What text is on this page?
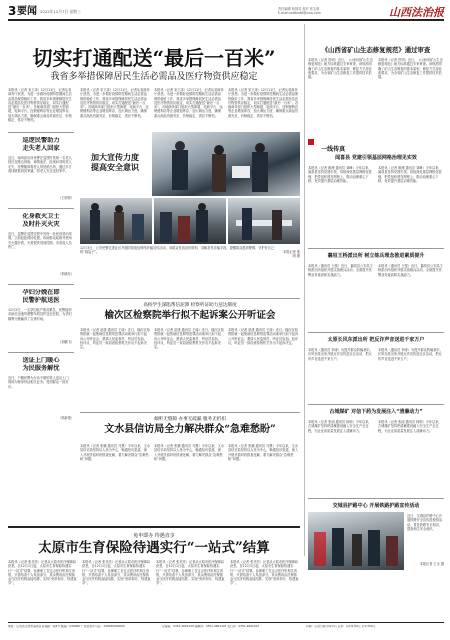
3 要闻 2022年12月7日 星期三	责任编辑 杨国英 校对 张宝莉
E-mail:sxfzbsd8@sina.com	山西法治报
切实打通配送“最后一百米”
我省多举措保障居民生活必需品及医疗物资供应稳定
本报讯（记者 宋王泽）12月11日，记者从省商务厅获悉，为进一步做好疫情防控期间生活必需品保供稳价工作，我省多举措保障居民生活必需品及医疗物资供应稳定，切实打通配送“最后一百米”。各地商务部门组织大型商超、电商平台、连锁便利店等企业增加库存，加大调运力度，确保重点商品货源充足、价格稳定、供应不断档。
本报讯（记者 宋王泽）12月11日，记者从省商务厅获悉，为进一步做好疫情防控期间生活必需品保供稳价工作，我省多举措保障居民生活必需品及医疗物资供应稳定，切实打通配送“最后一百米”。各地商务部门组织大型商超、电商平台、连锁便利店等企业增加库存，加大调运力度，确保重点商品货源充足、价格稳定、供应不断档。
本报讯（记者 宋王泽）12月11日，记者从省商务厅获悉，为进一步做好疫情防控期间生活必需品保供稳价工作，我省多举措保障居民生活必需品及医疗物资供应稳定，切实打通配送“最后一百米”。各地商务部门组织大型商超、电商平台、连锁便利店等企业增加库存，加大调运力度，确保重点商品货源充足、价格稳定、供应不断档。
本报讯（记者 宋王泽）12月11日，记者从省商务厅获悉，为进一步做好疫情防控期间生活必需品保供稳价工作，我省多举措保障居民生活必需品及医疗物资供应稳定，切实打通配送“最后一百米”。各地商务部门组织大型商超、电商平台、连锁便利店等企业增加库存，加大调运力度，确保重点商品货源充足、价格稳定、供应不断档。
巡逻民警助力
走失老人回家
近日，南风派出所民警在巡逻时发现一名老人独自在路边徘徊，神情迷茫，经询问得知老人走失，民警随即将老人带回派出所，通过多方查找联系到其家属，将老人安全送回家中。
（王婷婷）
化身救火卫士
及时扑灭火灾
近日，巡警在巡逻过程中发现一处民房冒出浓烟，立即赶赴现场处置，协助群众疏散并使用灭火器扑救，火势很快得到控制，未造成人员伤亡。
（李晓东）
孕妇分娩在即
民警护航送医
12月2日，一名孕妇临产情况紧急，民警接到求助后迅速驾驶警车将其护送至医院，为孕妇顺利分娩赢得了宝贵时间。
（刘鹏飞）
送证上门暖心
为民服务解忧
近日，户籍民警为行动不便的老人送证上门，现场办理身份证相关业务，受到群众一致好评。
（郭新蕾）
加大宣传力度
提高安全意识
12月3日，公安民警走进社区开展防范电信网络诈骗宣传活动，向群众发放宣传资料，讲解常见诈骗手段，提醒群众提高警惕，守护好自己的“钱袋子”。	本报记者 邢明 摄
高校学生深陷帮信泥潭 检察听证助力送达制度
榆次区检察院举行拟不起诉案公开听证会
本报讯（记者 赵康 通讯员 王丽）近日，榆次区检察院就一起帮助信息网络犯罪活动案举行拟不起诉公开听证会，邀请人民监督员、听证员参加。经评议，听证员一致同意检察机关作出不起诉决定。
本报讯（记者 赵康 通讯员 王丽）近日，榆次区检察院就一起帮助信息网络犯罪活动案举行拟不起诉公开听证会，邀请人民监督员、听证员参加。经评议，听证员一致同意检察机关作出不起诉决定。
本报讯（记者 赵康 通讯员 王丽）近日，榆次区检察院就一起帮助信息网络犯罪活动案举行拟不起诉公开听证会，邀请人民监督员、听证员参加。经评议，听证员一致同意检察机关作出不起诉决定。
倾听无缝隙 办事无疏漏 服务无折扣
文水县信访局全力解决群众“急难愁盼”
本报讯（记者 张鹏 通讯员 马慧）今年以来，文水县信访局坚持以人民为中心，畅通信访渠道，深入开展矛盾纠纷排查化解，着力解决群众“急难愁盼”问题。
本报讯（记者 张鹏 通讯员 马慧）今年以来，文水县信访局坚持以人民为中心，畅通信访渠道，深入开展矛盾纠纷排查化解，着力解决群众“急难愁盼”问题。
本报讯（记者 张鹏 通讯员 马慧）今年以来，文水县信访局坚持以人民为中心，畅通信访渠道，深入开展矛盾纠纷排查化解，着力解决群众“急难愁盼”问题。
免申即办 待遇直享
太原市生育保险待遇实行“一站式”结算
本报讯（记者 张亮亮）记者从太原市医疗保障局获悉，自12月1日起，太原市生育保险待遇实行“一站式”结算，参保职工在定点医疗机构生育的，只需结清个人负担部分，其余费用由医保基金与医疗机构直接结算，实现“免申即办、待遇直享”。
本报讯（记者 张亮亮）记者从太原市医疗保障局获悉，自12月1日起，太原市生育保险待遇实行“一站式”结算，参保职工在定点医疗机构生育的，只需结清个人负担部分，其余费用由医保基金与医疗机构直接结算，实现“免申即办、待遇直享”。
本报讯（记者 张亮亮）记者从太原市医疗保障局获悉，自12月1日起，太原市生育保险待遇实行“一站式”结算，参保职工在定点医疗机构生育的，只需结清个人负担部分，其余费用由医保基金与医疗机构直接结算，实现“免申即办、待遇直享”。
本报讯（记者 张亮亮）记者从太原市医疗保障局获悉，自12月1日起，太原市生育保险待遇实行“一站式”结算，参保职工在定点医疗机构生育的，只需结清个人负担部分，其余费用由医保基金与医疗机构直接结算，实现“免申即办、待遇直享”。
《山西省矿山生态修复规范》通过审查
本报讯（记者 贺明）近日，《山西省矿山生态修复规范》地方标准通过专家审查。该规范明确了矿山生态修复的基本原则、修复方式及验收要求，为全省矿山生态修复工作提供技术依据。
本报讯（记者 贺明）近日，《山西省矿山生态修复规范》地方标准通过专家审查。该规范明确了矿山生态修复的基本原则、修复方式及验收要求，为全省矿山生态修复工作提供技术依据。
一线传真
闻喜县 党建引领基层网格治理见实效
本报讯（记者 姚博 通讯员 刘峰）今年以来，闻喜县坚持党建引领，持续深化基层网格化管理，把党组织建在网格上，推动治理重心下移，有效提升基层治理效能。
本报讯（记者 姚博 通讯员 刘峰）今年以来，闻喜县坚持党建引领，持续深化基层网格化管理，把党组织建在网格上，推动治理重心下移，有效提升基层治理效能。
襄垣王桥派出所 树立练兵理念推进素质提升
本报讯（通讯员 王强）近日，襄垣县公安局王桥派出所组织开展实战练兵活动，全面提升民警业务素质和实战能力。
本报讯（通讯员 王强）近日，襄垣县公安局王桥派出所组织开展实战练兵活动，全面提升民警业务素质和实战能力。
太原长风东派出所 把反诈声音送进千家万户
本报讯（通讯员 李涛）为提升群众防骗意识，长风东派出所开展反诈宣传进社区活动，把反诈声音送进千家万户。
本报讯（通讯员 李涛）为提升群众防骗意识，长风东派出所开展反诈宣传进社区活动，把反诈声音送进千家万户。
古城煤矿 对信下药为发展注入“清廉动力”
本报讯（记者 张丽 通讯员 杨明）今年以来，古城煤矿坚持把清廉建设融入安全生产全过程，为企业高质量发展注入清廉动力。
本报讯（记者 张丽 通讯员 杨明）今年以来，古城煤矿坚持把清廉建设融入安全生产全过程，为企业高质量发展注入清廉动力。
交城县护路中心 开展铁路护路宣传活动
近日，交城县护路中心开展铁路安全宣传进校园活动，普及铁路安全知识，提高师生安全意识。
本报记者 王永 摄
地址：山西省太原市高新区晋祠路一段8号 邮编：030000 广告经营许可证：140000400000	总编室：0351-4661100 编辑部：0351-4661101 发行部：0351-4661102	印刷：山西日报印务中心 定价：每份1.00元 全年300元
